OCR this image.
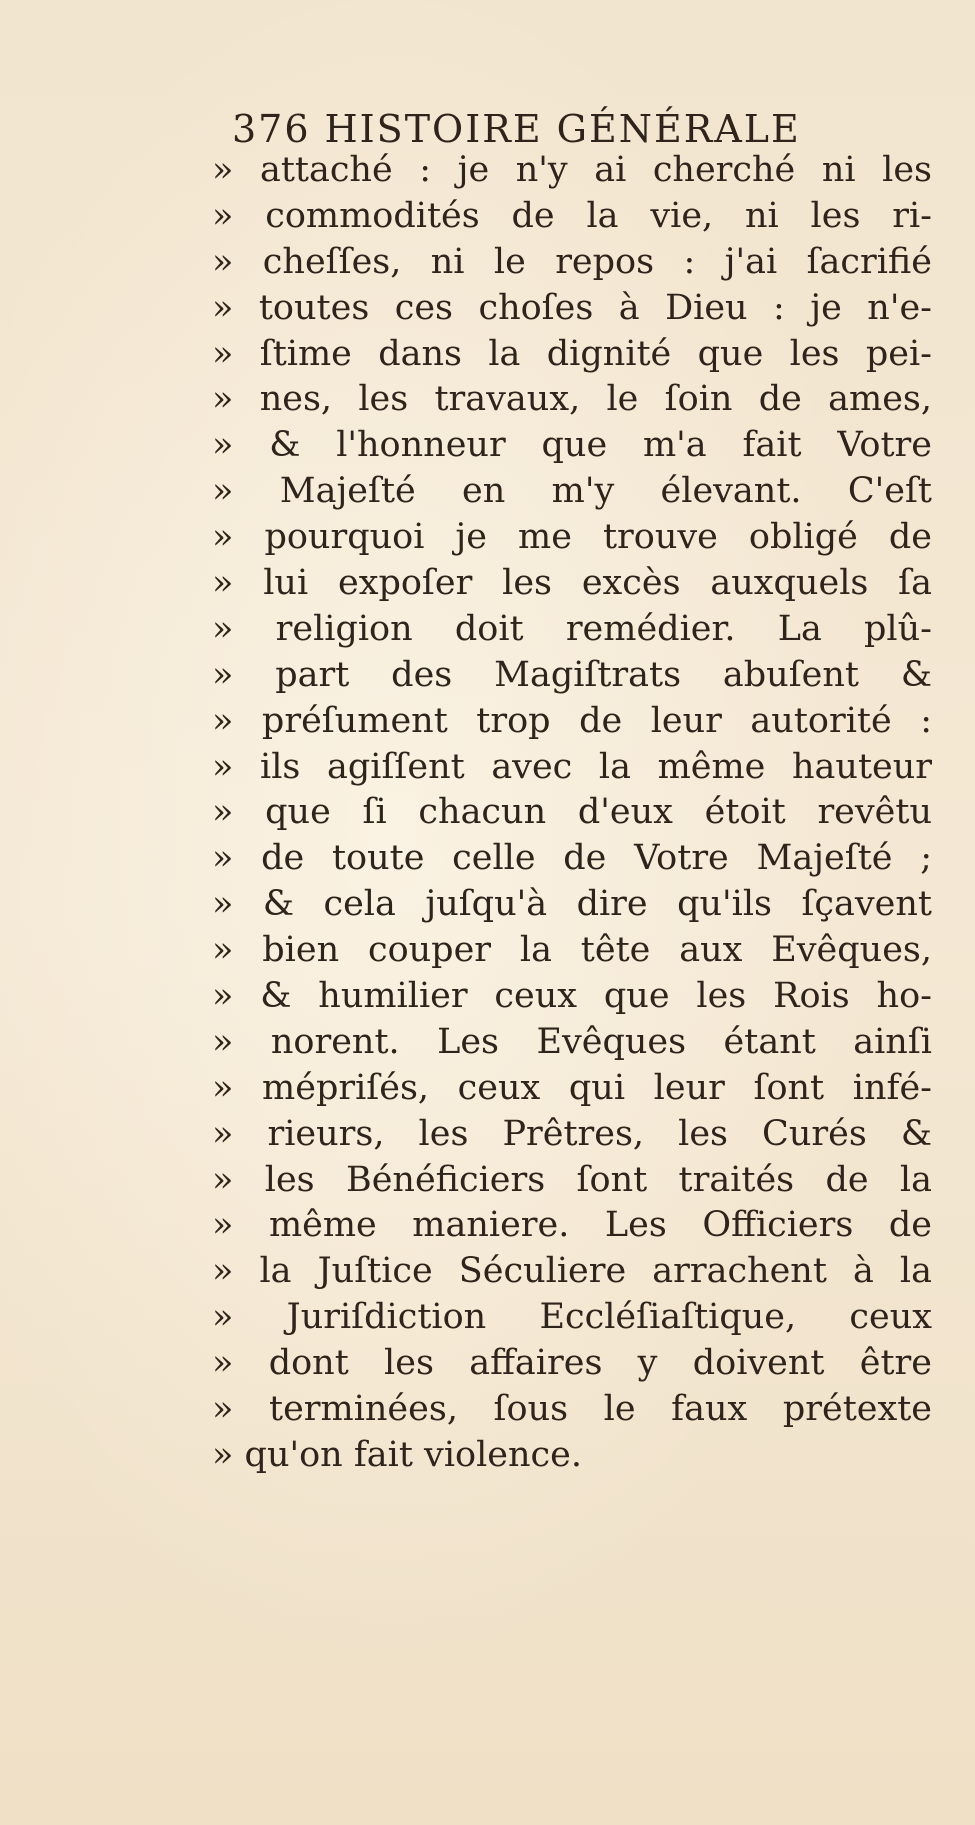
376 HISTOIRE GÉNÉRALE
» attaché : je n'y ai cherché ni les
» commodités de la vie, ni les ri-
» cheſſes, ni le repos : j'ai ſacrifié
» toutes ces choſes à Dieu : je n'e-
» ſtime dans la dignité que les pei-
» nes, les travaux, le ſoin de ames,
» & l'honneur que m'a fait Votre
» Majeſté en m'y élevant. C'eſt
» pourquoi je me trouve obligé de
» lui expoſer les excès auxquels ſa
» religion doit remédier. La plû-
» part des Magiſtrats abuſent &
» préſument trop de leur autorité :
» ils agiſſent avec la même hauteur
» que ſi chacun d'eux étoit revêtu
» de toute celle de Votre Majeſté ;
» & cela juſqu'à dire qu'ils ſçavent
» bien couper la tête aux Evêques,
» & humilier ceux que les Rois ho-
» norent. Les Evêques étant ainſi
» mépriſés, ceux qui leur ſont infé-
» rieurs, les Prêtres, les Curés &
» les Bénéficiers ſont traités de la
» même maniere. Les Officiers de
» la Juſtice Séculiere arrachent à la
» Juriſdiction Eccléſiaſtique, ceux
» dont les affaires y doivent être
» terminées, ſous le faux prétexte
» qu'on fait violence.
